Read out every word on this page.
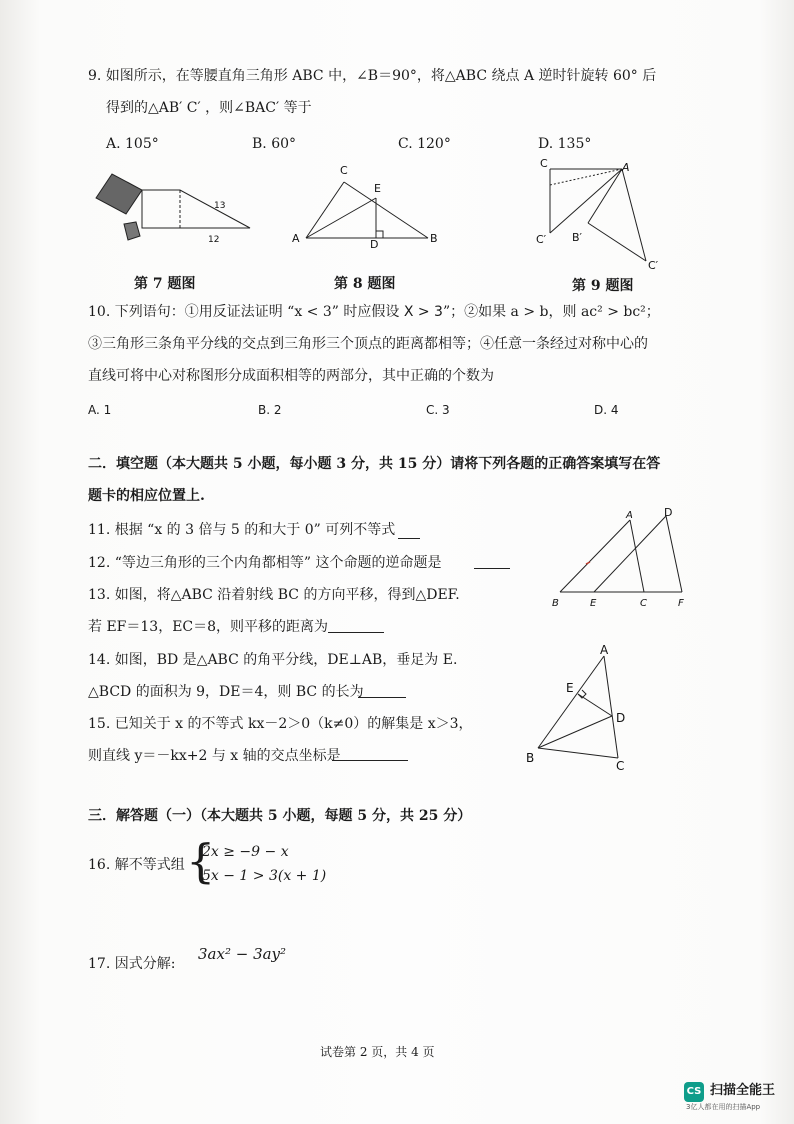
9. 如图所示，在等腰直角三角形 ABC 中，∠B＝90°，将△ABC 绕点 A 逆时针旋转 60° 后
得到的△AB′ C′ ，则∠BAC′ 等于
A. 105°	B. 60°	C. 120°	D. 135°
13
12
C
E
A	D	B
C	A
B′
C′
C′
第 7 题图	第 8 题图	第 9 题图
10. 下列语句：①用反证法证明 “x < 3” 时应假设 X > 3”；②如果 a > b，则 ac² > bc²；
③三角形三条角平分线的交点到三角形三个顶点的距离都相等；④任意一条经过对称中心的
直线可将中心对称图形分成面积相等的两部分，其中正确的个数为
A. 1	B. 2	C. 3	D. 4
二．填空题（本大题共 5 小题，每小题 3 分，共 15 分）请将下列各题的正确答案填写在答
题卡的相应位置上.
11. 根据 “x 的 3 倍与 5 的和大于 0” 可列不等式
12. “等边三角形的三个内角都相等” 这个命题的逆命题是
13. 如图，将△ABC 沿着射线 BC 的方向平移，得到△DEF.
若 EF＝13，EC＝8，则平移的距离为
A	D
B	E	C	F
14. 如图，BD 是△ABC 的角平分线，DE⊥AB，垂足为 E.
△BCD 的面积为 9，DE＝4，则 BC 的长为
A
E
D
B
C
15. 已知关于 x 的不等式 kx－2＞0（k≠0）的解集是 x＞3，
则直线 y＝－kx+2 与 x 轴的交点坐标是
三．解答题（一）（本大题共 5 小题，每题 5 分，共 25 分）
16. 解不等式组 {
2x ≥ −9 − x
5x − 1 > 3(x + 1)
17. 因式分解:
3ax² − 3ay²
试卷第 2 页，共 4 页
CS 扫描全能王
3亿人都在用的扫描App
